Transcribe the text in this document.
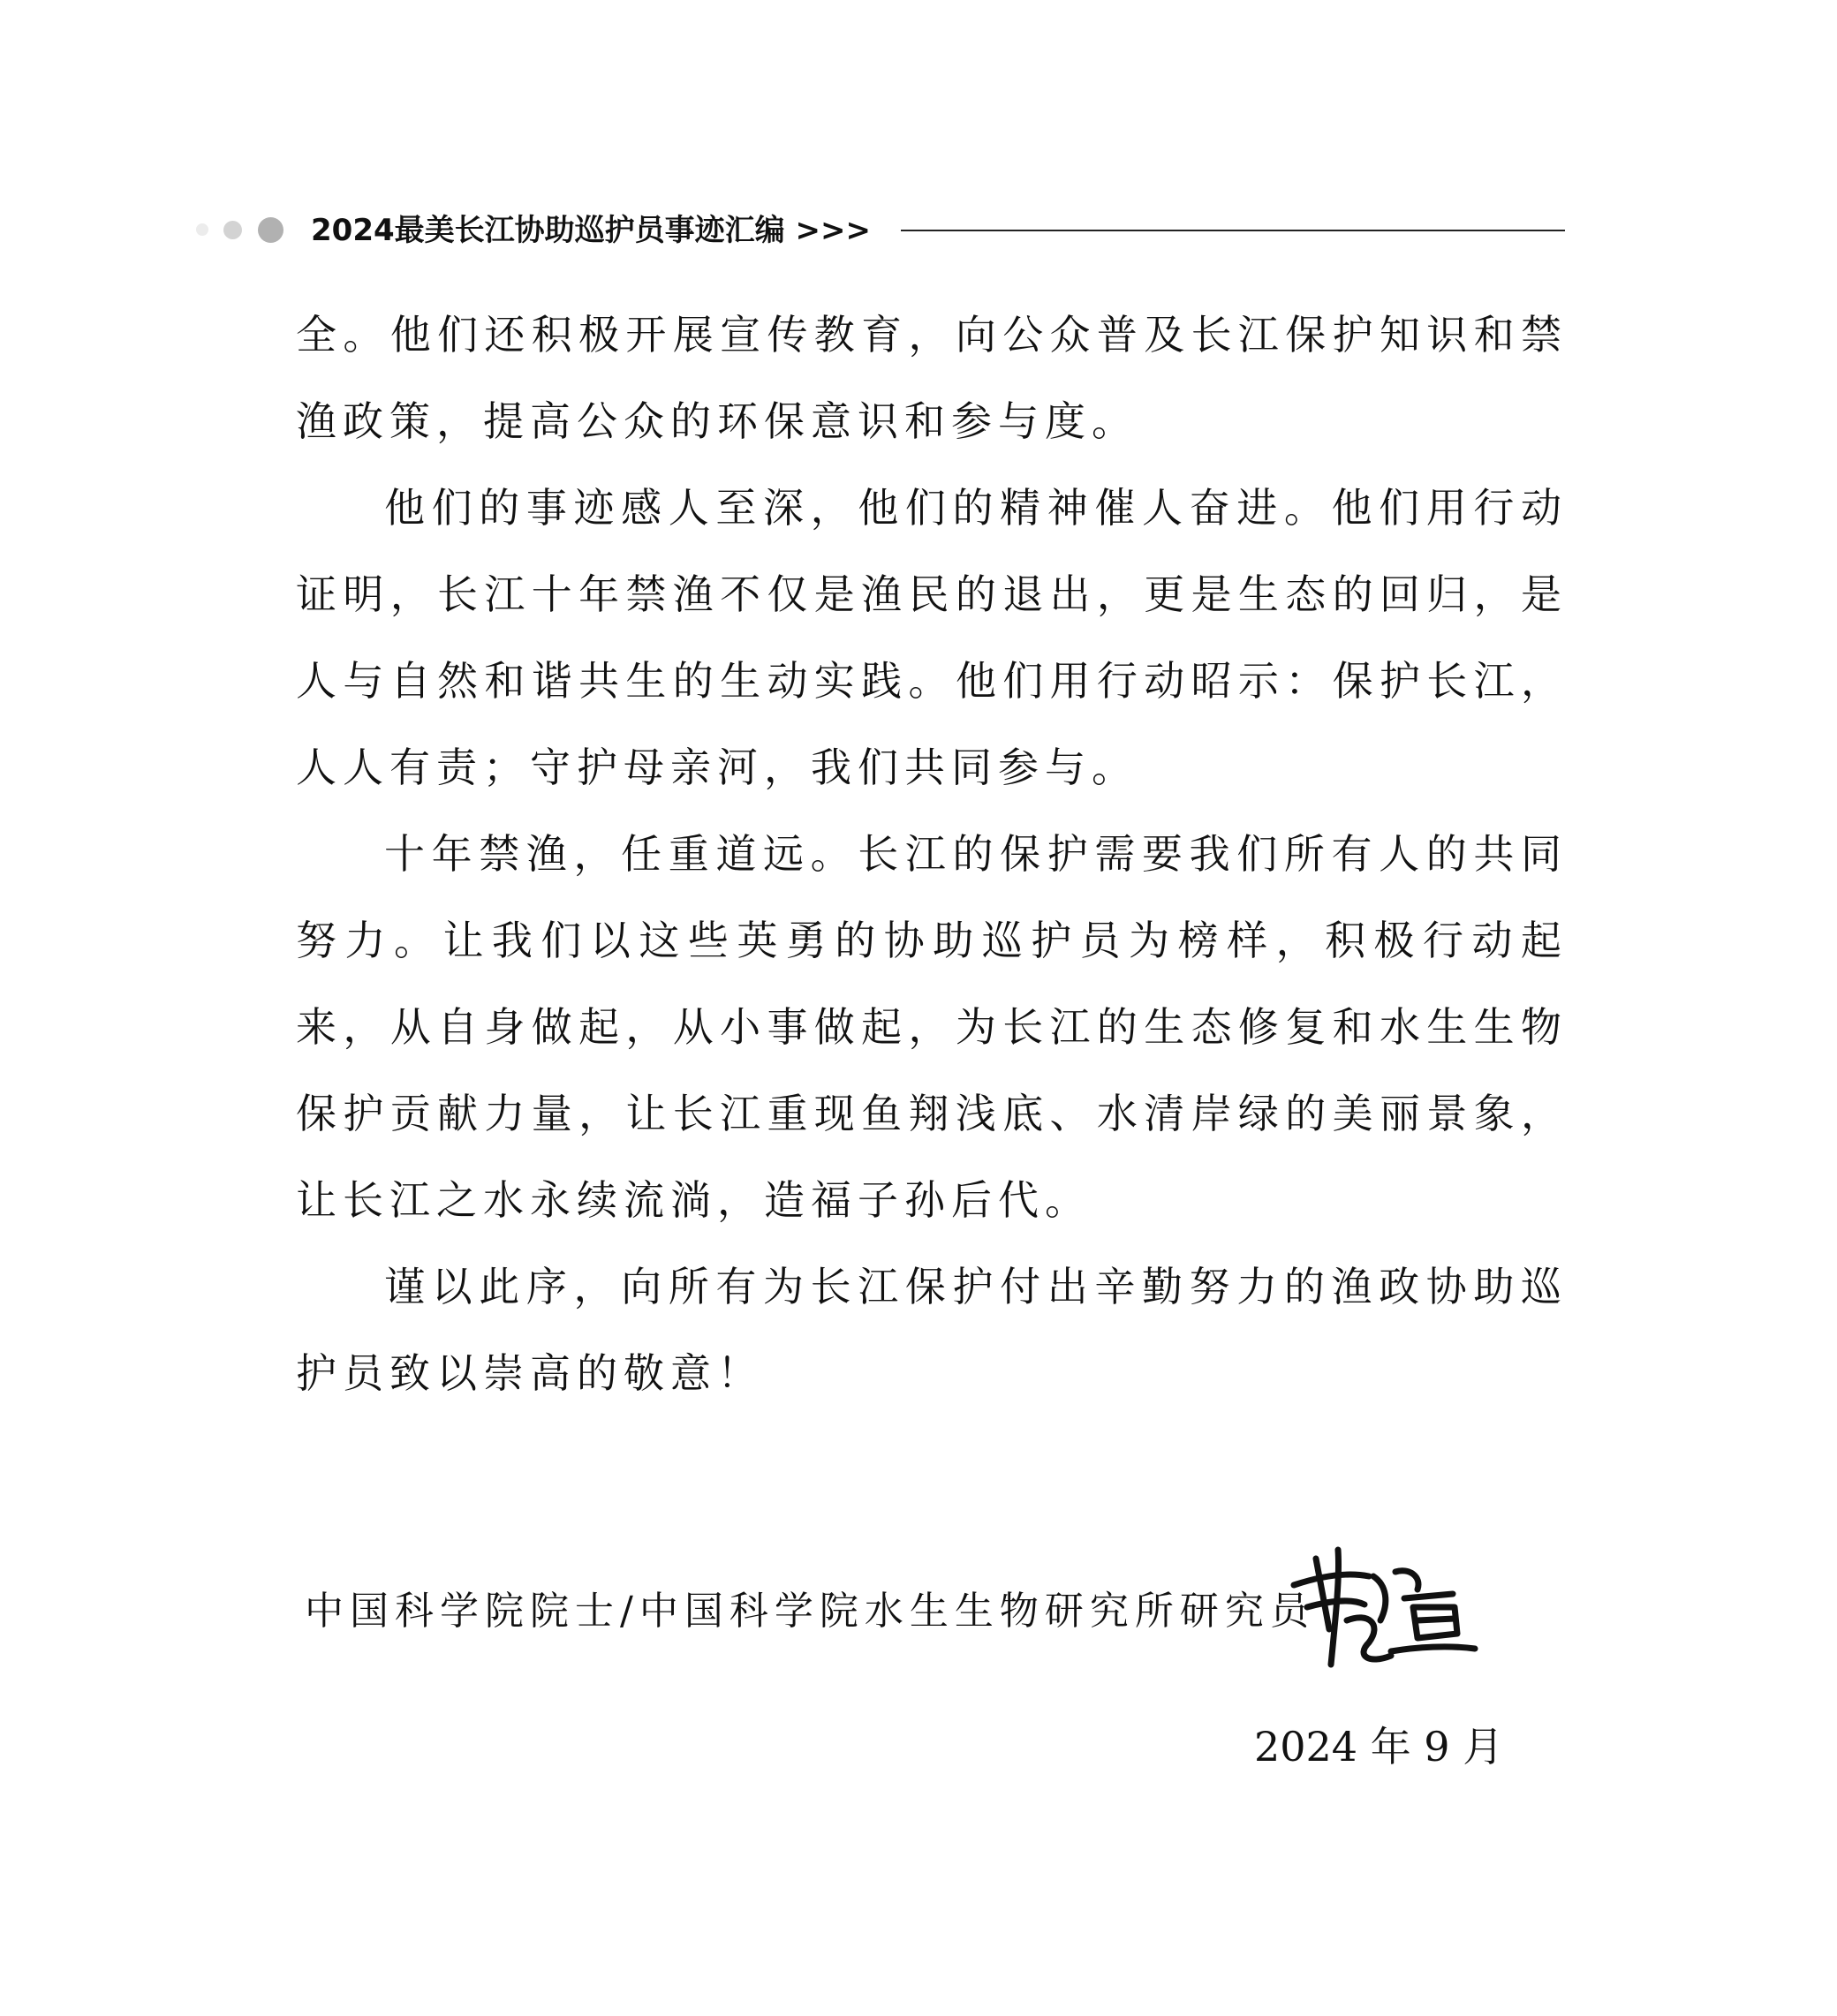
2024最美长江协助巡护员事迹汇编 >>>

全。他们还积极开展宣传教育，向公众普及长江保护知识和禁渔政策，提高公众的环保意识和参与度。

他们的事迹感人至深，他们的精神催人奋进。他们用行动证明，长江十年禁渔不仅是渔民的退出，更是生态的回归，是人与自然和谐共生的生动实践。他们用行动昭示：保护长江，人人有责；守护母亲河，我们共同参与。

十年禁渔，任重道远。长江的保护需要我们所有人的共同努力。让我们以这些英勇的协助巡护员为榜样，积极行动起来，从自身做起，从小事做起，为长江的生态修复和水生生物保护贡献力量，让长江重现鱼翔浅底、水清岸绿的美丽景象，让长江之水永续流淌，造福子孙后代。

谨以此序，向所有为长江保护付出辛勤努力的渔政协助巡护员致以崇高的敬意！

中国科学院院士/中国科学院水生生物研究所研究员
2024 年 9 月
